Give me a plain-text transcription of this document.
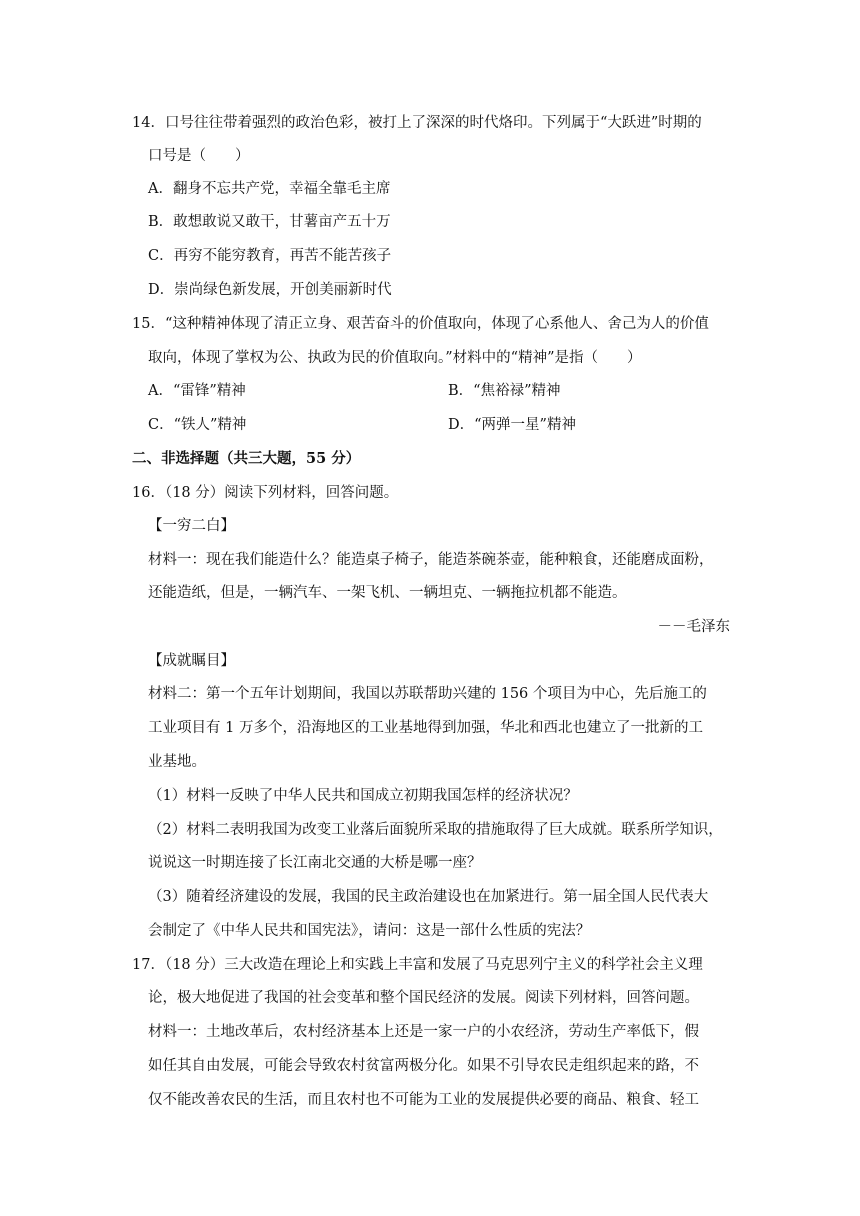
14．口号往往带着强烈的政治色彩，被打上了深深的时代烙印。下列属于“大跃进”时期的
口号是（　　）
A．翻身不忘共产党，幸福全靠毛主席
B．敢想敢说又敢干，甘薯亩产五十万
C．再穷不能穷教育，再苦不能苦孩子
D．崇尚绿色新发展，开创美丽新时代
15．“这种精神体现了清正立身、艰苦奋斗的价值取向，体现了心系他人、舍己为人的价值
取向，体现了掌权为公、执政为民的价值取向。”材料中的“精神”是指（　　）
A．“雷锋”精神	B．“焦裕禄”精神
C．“铁人”精神	D．“两弹一星”精神
二、非选择题（共三大题，55 分）
16．（18 分）阅读下列材料，回答问题。
【一穷二白】
材料一：现在我们能造什么？能造桌子椅子，能造茶碗茶壶，能种粮食，还能磨成面粉，
还能造纸，但是，一辆汽车、一架飞机、一辆坦克、一辆拖拉机都不能造。
－－毛泽东
【成就瞩目】
材料二：第一个五年计划期间，我国以苏联帮助兴建的 156 个项目为中心，先后施工的
工业项目有 1 万多个，沿海地区的工业基地得到加强，华北和西北也建立了一批新的工
业基地。
（1）材料一反映了中华人民共和国成立初期我国怎样的经济状况？
（2）材料二表明我国为改变工业落后面貌所采取的措施取得了巨大成就。联系所学知识，
说说这一时期连接了长江南北交通的大桥是哪一座？
（3）随着经济建设的发展，我国的民主政治建设也在加紧进行。第一届全国人民代表大
会制定了《中华人民共和国宪法》，请问：这是一部什么性质的宪法？
17．（18 分）三大改造在理论上和实践上丰富和发展了马克思列宁主义的科学社会主义理
论，极大地促进了我国的社会变革和整个国民经济的发展。阅读下列材料，回答问题。
材料一：土地改革后，农村经济基本上还是一家一户的小农经济，劳动生产率低下，假
如任其自由发展，可能会导致农村贫富两极分化。如果不引导农民走组织起来的路，不
仅不能改善农民的生活，而且农村也不可能为工业的发展提供必要的商品、粮食、轻工
